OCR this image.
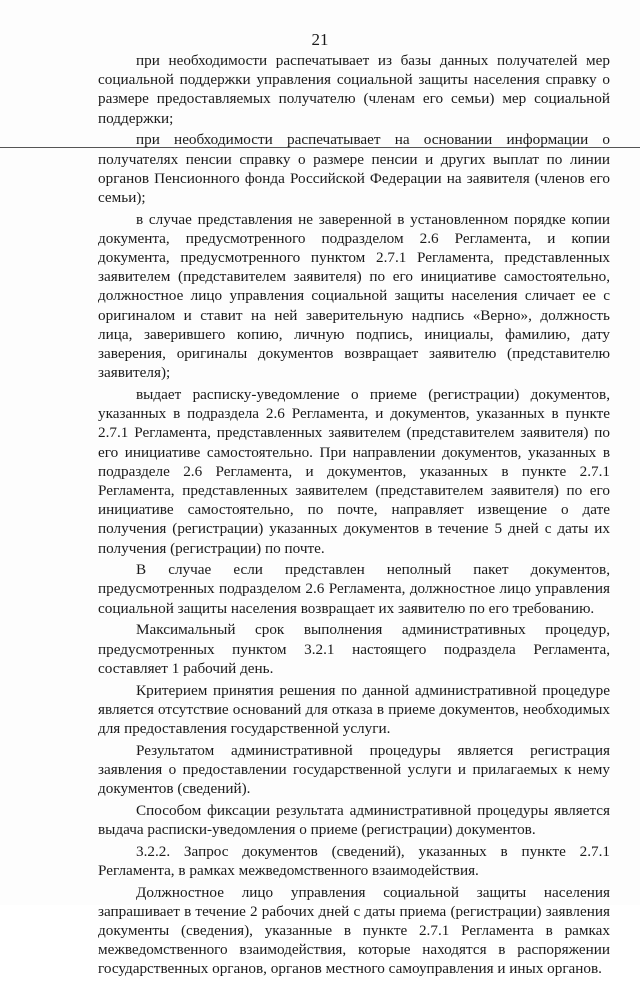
21

при необходимости распечатывает из базы данных получателей мер социальной поддержки управления социальной защиты населения справку о размере предоставляемых получателю (членам его семьи) мер социальной поддержки;

при необходимости распечатывает на основании информации о получателях пенсии справку о размере пенсии и других выплат по линии органов Пенсионного фонда Российской Федерации на заявителя (членов его семьи);

в случае представления не заверенной в установленном порядке копии документа, предусмотренного подразделом 2.6 Регламента, и копии документа, предусмотренного пунктом 2.7.1 Регламента, представленных заявителем (представителем заявителя) по его инициативе самостоятельно, должностное лицо управления социальной защиты населения сличает ее с оригиналом и ставит на ней заверительную надпись «Верно», должность лица, заверившего копию, личную подпись, инициалы, фамилию, дату заверения, оригиналы документов возвращает заявителю (представителю заявителя);

выдает расписку-уведомление о приеме (регистрации) документов, указанных в подраздела 2.6 Регламента, и документов, указанных в пункте 2.7.1 Регламента, представленных заявителем (представителем заявителя) по его инициативе самостоятельно. При направлении документов, указанных в подразделе 2.6 Регламента, и документов, указанных в пункте 2.7.1 Регламента, представленных заявителем (представителем заявителя) по его инициативе самостоятельно, по почте, направляет извещение о дате получения (регистрации) указанных документов в течение 5 дней с даты их получения (регистрации) по почте.

В случае если представлен неполный пакет документов, предусмотренных подразделом 2.6 Регламента, должностное лицо управления социальной защиты населения возвращает их заявителю по его требованию.

Максимальный срок выполнения административных процедур, предусмотренных пунктом 3.2.1 настоящего подраздела Регламента, составляет 1 рабочий день.

Критерием принятия решения по данной административной процедуре является отсутствие оснований для отказа в приеме документов, необходимых для предоставления государственной услуги.

Результатом административной процедуры является регистрация заявления о предоставлении государственной услуги и прилагаемых к нему документов (сведений).

Способом фиксации результата административной процедуры является выдача расписки-уведомления о приеме (регистрации) документов.

3.2.2. Запрос документов (сведений), указанных в пункте 2.7.1 Регламента, в рамках межведомственного взаимодействия.

Должностное лицо управления социальной защиты населения запрашивает в течение 2 рабочих дней с даты приема (регистрации) заявления документы (сведения), указанные в пункте 2.7.1 Регламента в рамках межведомственного взаимодействия, которые находятся в распоряжении государственных органов, органов местного самоуправления и иных органов.
